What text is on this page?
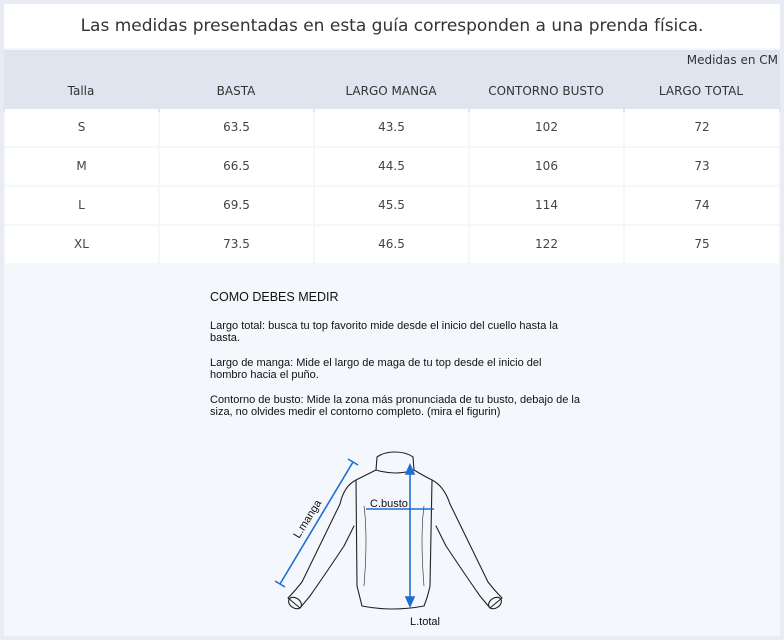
Las medidas presentadas en esta guía corresponden a una prenda física.
Medidas en CM
Talla	BASTA	LARGO MANGA	CONTORNO BUSTO	LARGO TOTAL
S	63.5	43.5	102	72
M	66.5	44.5	106	73
L	69.5	45.5	114	74
XL	73.5	46.5	122	75
COMO DEBES MEDIR
Largo total: busca tu top favorito mide desde el inicio del cuello hasta la basta.
Largo de manga: Mide el largo de maga de tu top desde el inicio del hombro hacia el puño.
Contorno de busto: Mide la zona más pronunciada de tu busto, debajo de la siza, no olvides medir el contorno completo. (mira el figurin)
L.manga	C.busto
L.total
